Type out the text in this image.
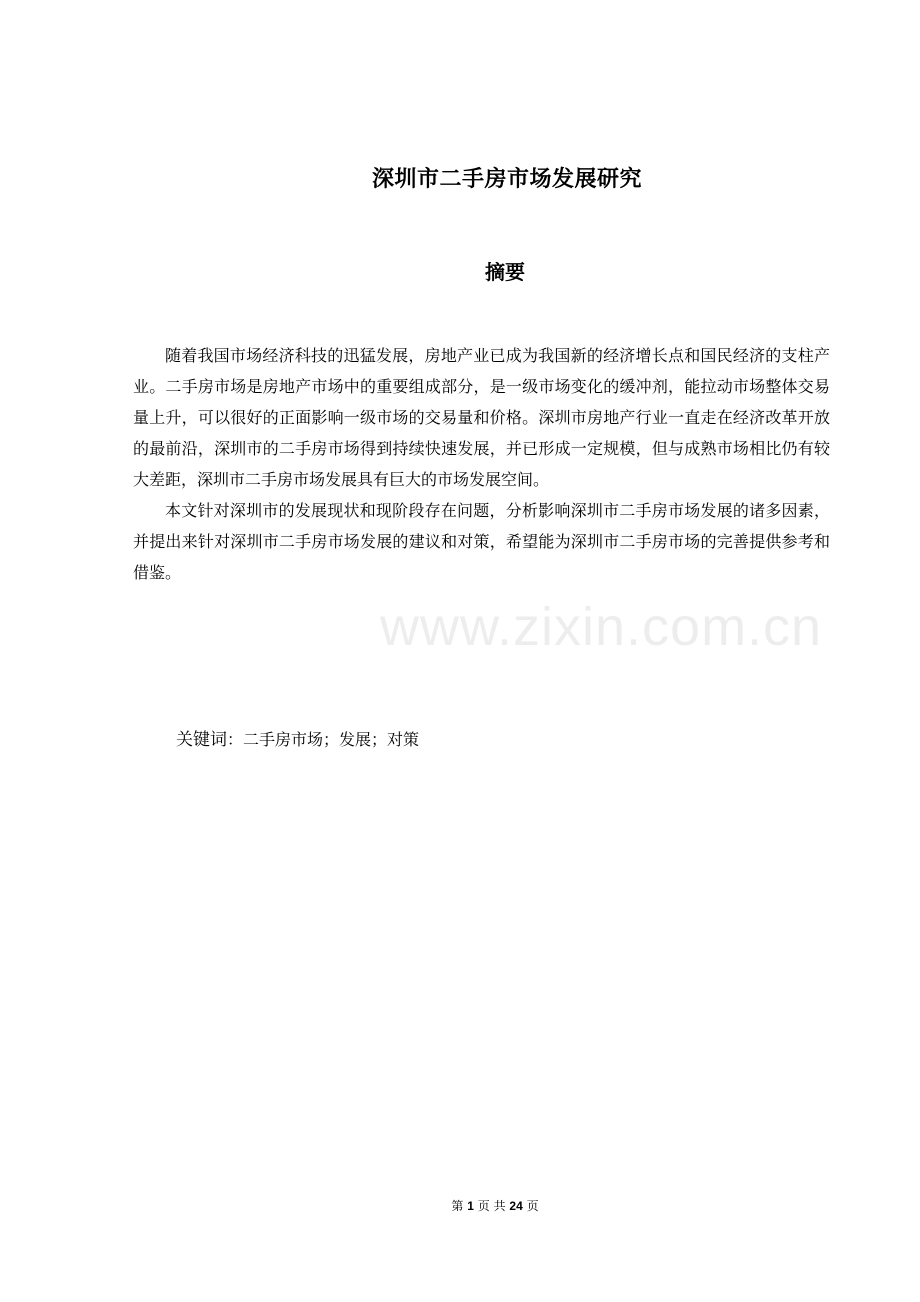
深圳市二手房市场发展研究
摘要

随着我国市场经济科技的迅猛发展，房地产业已成为我国新的经济增长点和国民经济的支柱产业。二手房市场是房地产市场中的重要组成部分，是一级市场变化的缓冲剂，能拉动市场整体交易量上升，可以很好的正面影响一级市场的交易量和价格。深圳市房地产行业一直走在经济改革开放的最前沿，深圳市的二手房市场得到持续快速发展，并已形成一定规模，但与成熟市场相比仍有较大差距，深圳市二手房市场发展具有巨大的市场发展空间。

本文针对深圳市的发展现状和现阶段存在问题，分析影响深圳市二手房市场发展的诸多因素，并提出来针对深圳市二手房市场发展的建议和对策，希望能为深圳市二手房市场的完善提供参考和借鉴。

www.zixin.com.cn
关键词：二手房市场；发展；对策
第 1 页 共 24 页
